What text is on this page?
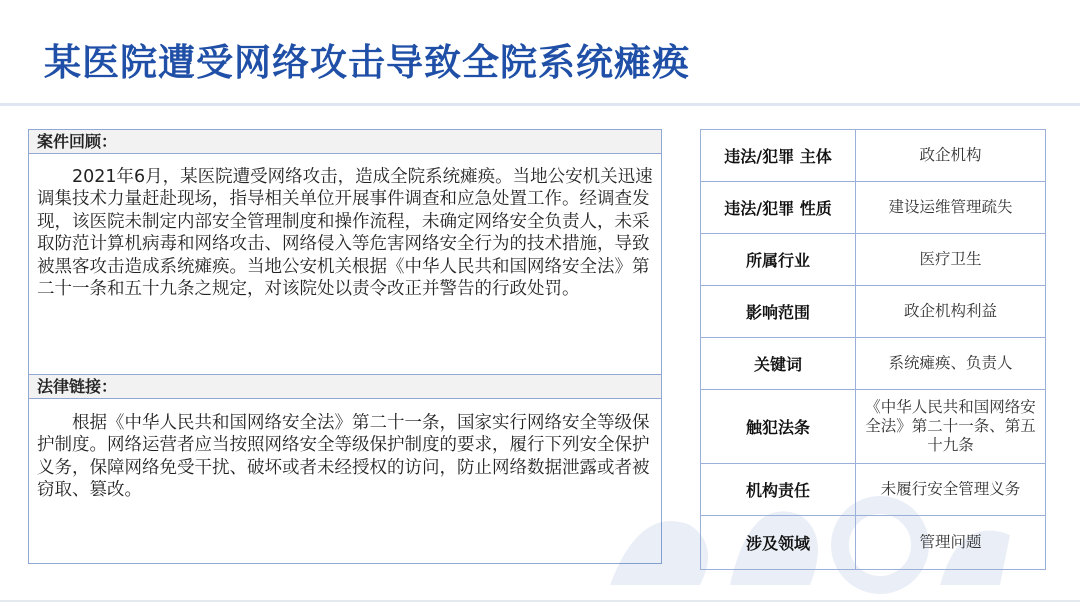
某医院遭受网络攻击导致全院系统瘫痪
案件回顾：

2021年6月，某医院遭受网络攻击，造成全院系统瘫痪。当地公安机关迅速调集技术力量赶赴现场，指导相关单位开展事件调查和应急处置工作。经调查发现，该医院未制定内部安全管理制度和操作流程，未确定网络安全负责人，未采取防范计算机病毒和网络攻击、网络侵入等危害网络安全行为的技术措施，导致被黑客攻击造成系统瘫痪。当地公安机关根据《中华人民共和国网络安全法》第二十一条和五十九条之规定，对该院处以责令改正并警告的行政处罚。

法律链接：

根据《中华人民共和国网络安全法》第二十一条，国家实行网络安全等级保护制度。网络运营者应当按照网络安全等级保护制度的要求，履行下列安全保护义务，保障网络免受干扰、破坏或者未经授权的访问，防止网络数据泄露或者被窃取、篡改。

违法/犯罪 主体	政企机构
违法/犯罪 性质	建设运维管理疏失
所属行业	医疗卫生
影响范围	政企机构利益
关键词	系统瘫痪、负责人
触犯法条	《中华人民共和国网络安全法》第二十一条、第五十九条
机构责任	未履行安全管理义务
涉及领域	管理问题
